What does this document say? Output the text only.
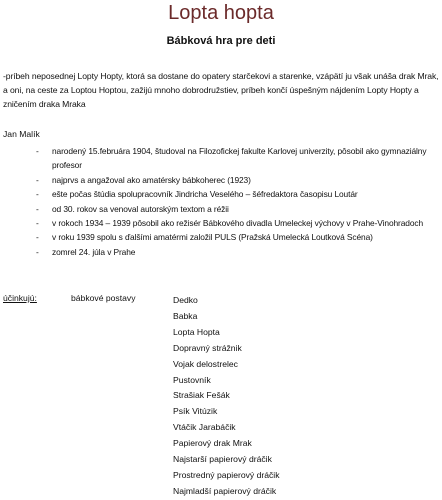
Lopta hopta
Bábková hra pre deti
-príbeh neposednej Lopty Hopty, ktorá sa dostane do opatery starčekovi a starenke, vzápätí ju však unáša drak Mrak, a oni, na ceste za Loptou Hoptou, zažijú mnoho dobrodružstiev, príbeh končí úspešným nájdením Lopty Hopty a zničením draka Mraka
Jan Malík
- narodený 15.februára 1904, študoval na Filozofickej fakulte Karlovej univerzity, pôsobil ako gymnaziálny profesor
- najprvs a angažoval ako amatérsky bábkoherec (1923)
- ešte počas štúdia spolupracovník Jindricha Veselého – šéfredaktora časopisu Loutár
- od 30. rokov sa venoval autorským textom a réžii
- v rokoch 1934 – 1939 pôsobil ako režisér Bábkového divadla Umeleckej výchovy v Prahe-Vinohradoch
- v roku 1939 spolu s ďalšími amatérmi založil PULS (Pražská Umelecká Loutková Scéna)
- zomrel 24. júla v Prahe
účinkujú:	bábkové postavy	Dedko
Babka
Lopta Hopta
Dopravný strážnik
Vojak delostrelec
Pustovník
Strašiak Fešák
Psík Vitúzik
Vtáčik Jarabáčik
Papierový drak Mrak
Najstarší papierový dráčik
Prostredný papierový dráčik
Najmladší papierový dráčik
